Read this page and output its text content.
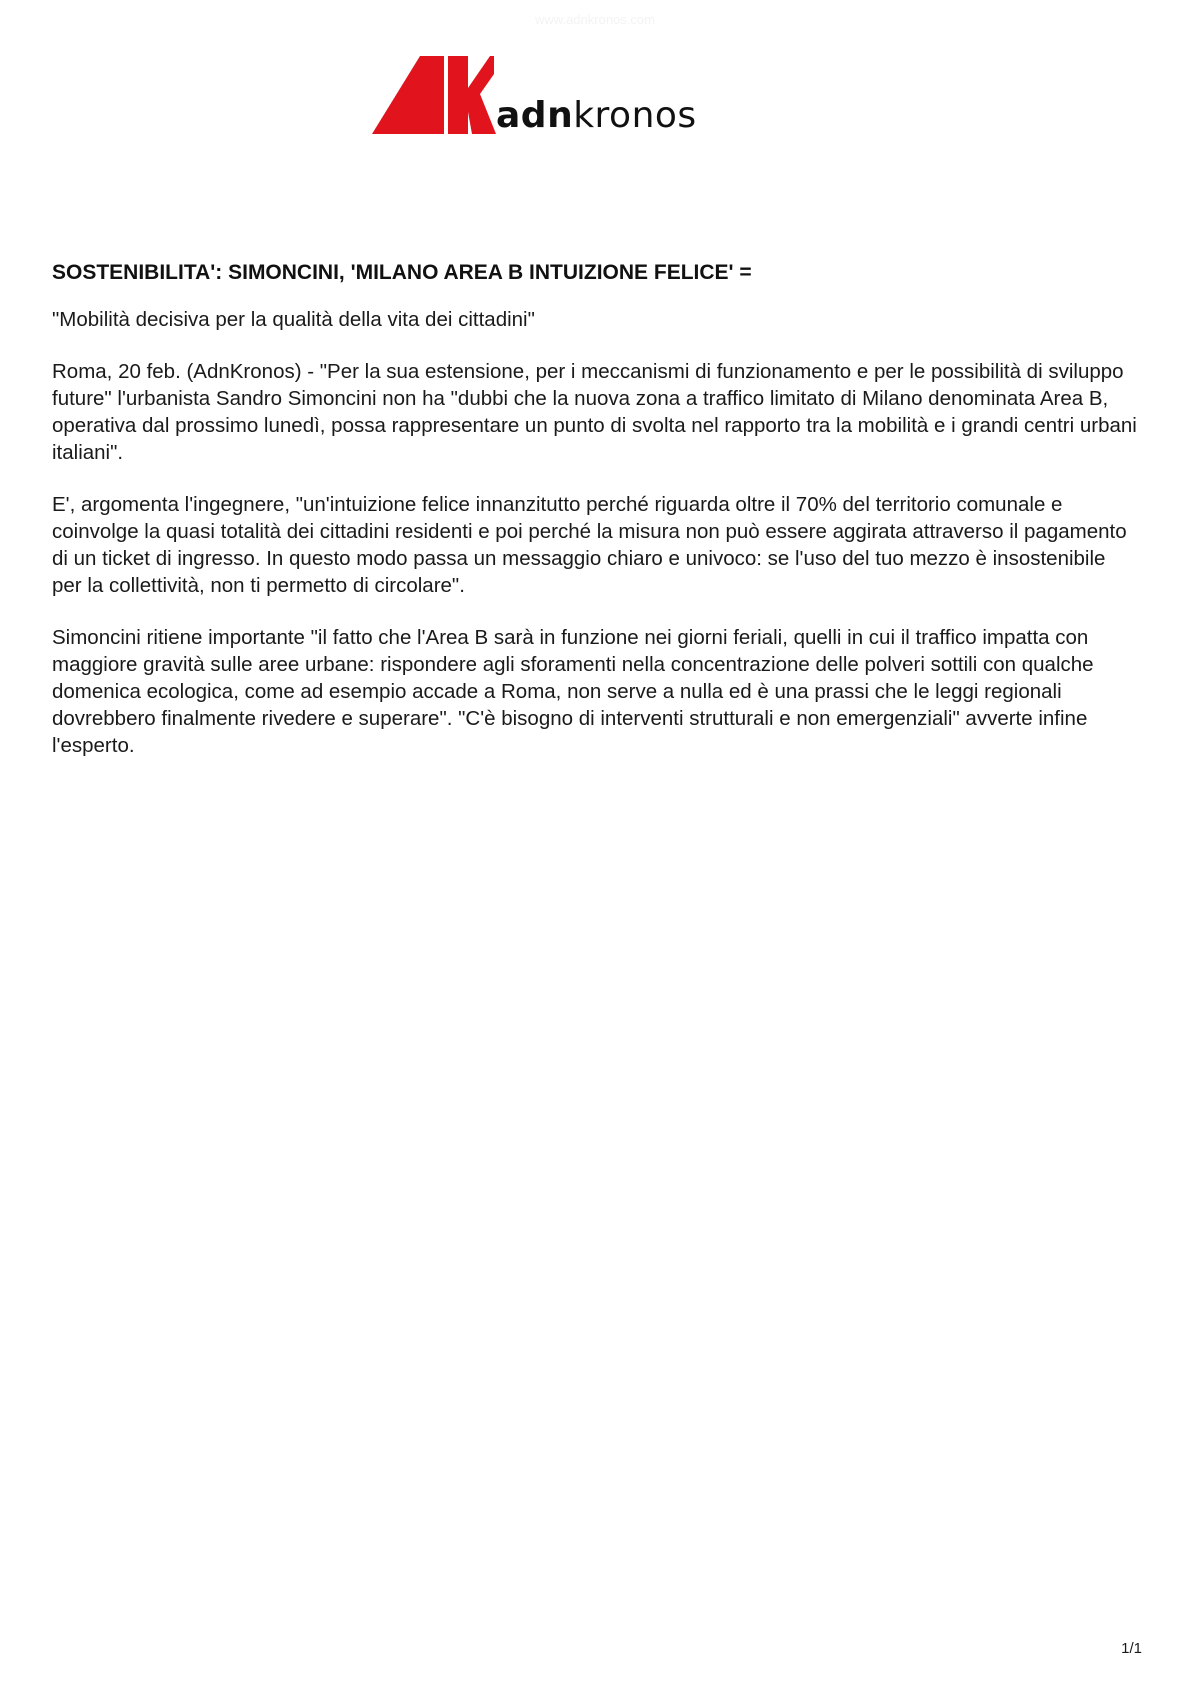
www.adnkronos.com
adnkronos
SOSTENIBILITA': SIMONCINI, 'MILANO AREA B INTUIZIONE FELICE' =

"Mobilità decisiva per la qualità della vita dei cittadini"

Roma, 20 feb. (AdnKronos) - "Per la sua estensione, per i meccanismi di funzionamento e per le possibilità di sviluppo future" l'urbanista Sandro Simoncini non ha "dubbi che la nuova zona a traffico limitato di Milano denominata Area B, operativa dal prossimo lunedì, possa rappresentare un punto di svolta nel rapporto tra la mobilità e i grandi centri urbani italiani".

E', argomenta l'ingegnere, "un'intuizione felice innanzitutto perché riguarda oltre il 70% del territorio comunale e coinvolge la quasi totalità dei cittadini residenti e poi perché la misura non può essere aggirata attraverso il pagamento di un ticket di ingresso. In questo modo passa un messaggio chiaro e univoco: se l'uso del tuo mezzo è insostenibile per la collettività, non ti permetto di circolare".

Simoncini ritiene importante "il fatto che l'Area B sarà in funzione nei giorni feriali, quelli in cui il traffico impatta con maggiore gravità sulle aree urbane: rispondere agli sforamenti nella concentrazione delle polveri sottili con qualche domenica ecologica, come ad esempio accade a Roma, non serve a nulla ed è una prassi che le leggi regionali dovrebbero finalmente rivedere e superare". "C'è bisogno di interventi strutturali e non emergenziali" avverte infine l'esperto.

1/1
